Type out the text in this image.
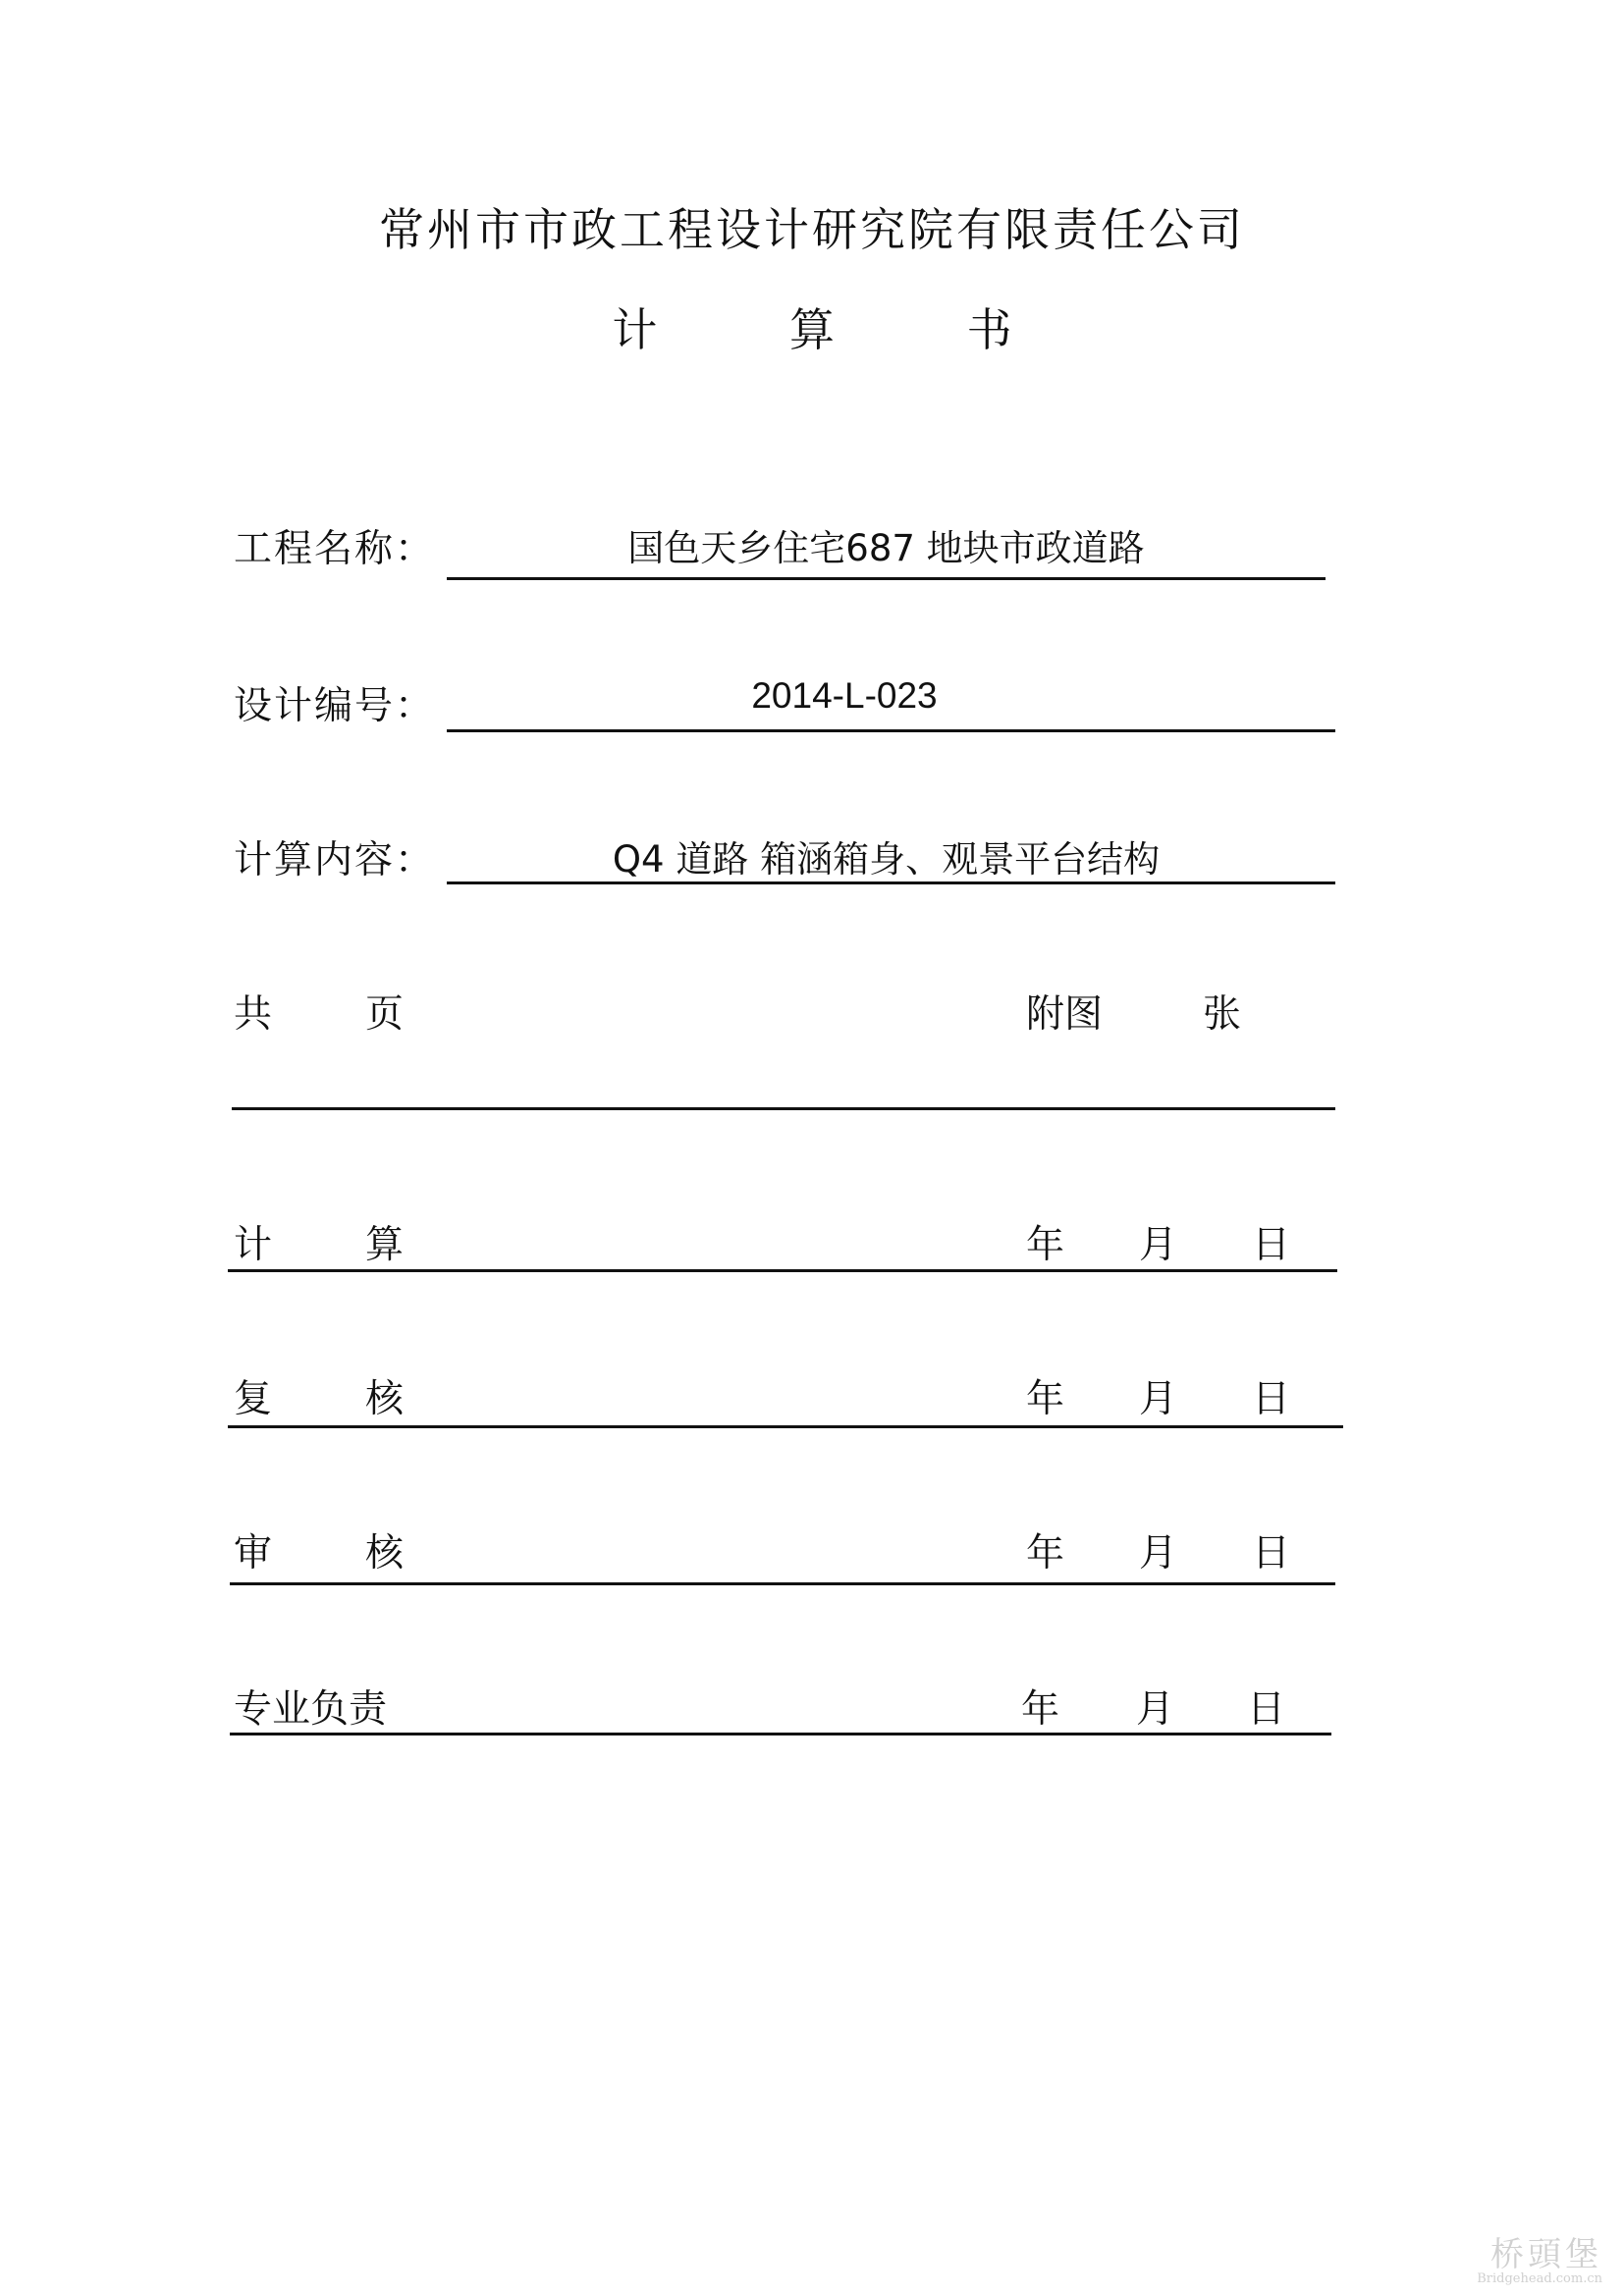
常州市市政工程设计研究院有限责任公司
计 算 书
工程名称：	国色天乡住宅687 地块市政道路
设计编号：	2014-L-023
计算内容：	Q4 道路 箱涵箱身、观景平台结构
共 页	附图	张
计 算	年 月 日
复 核	年 月 日
审 核	年 月 日
专业负责	年 月 日
桥頭堡
Bridgehead.com.cn
